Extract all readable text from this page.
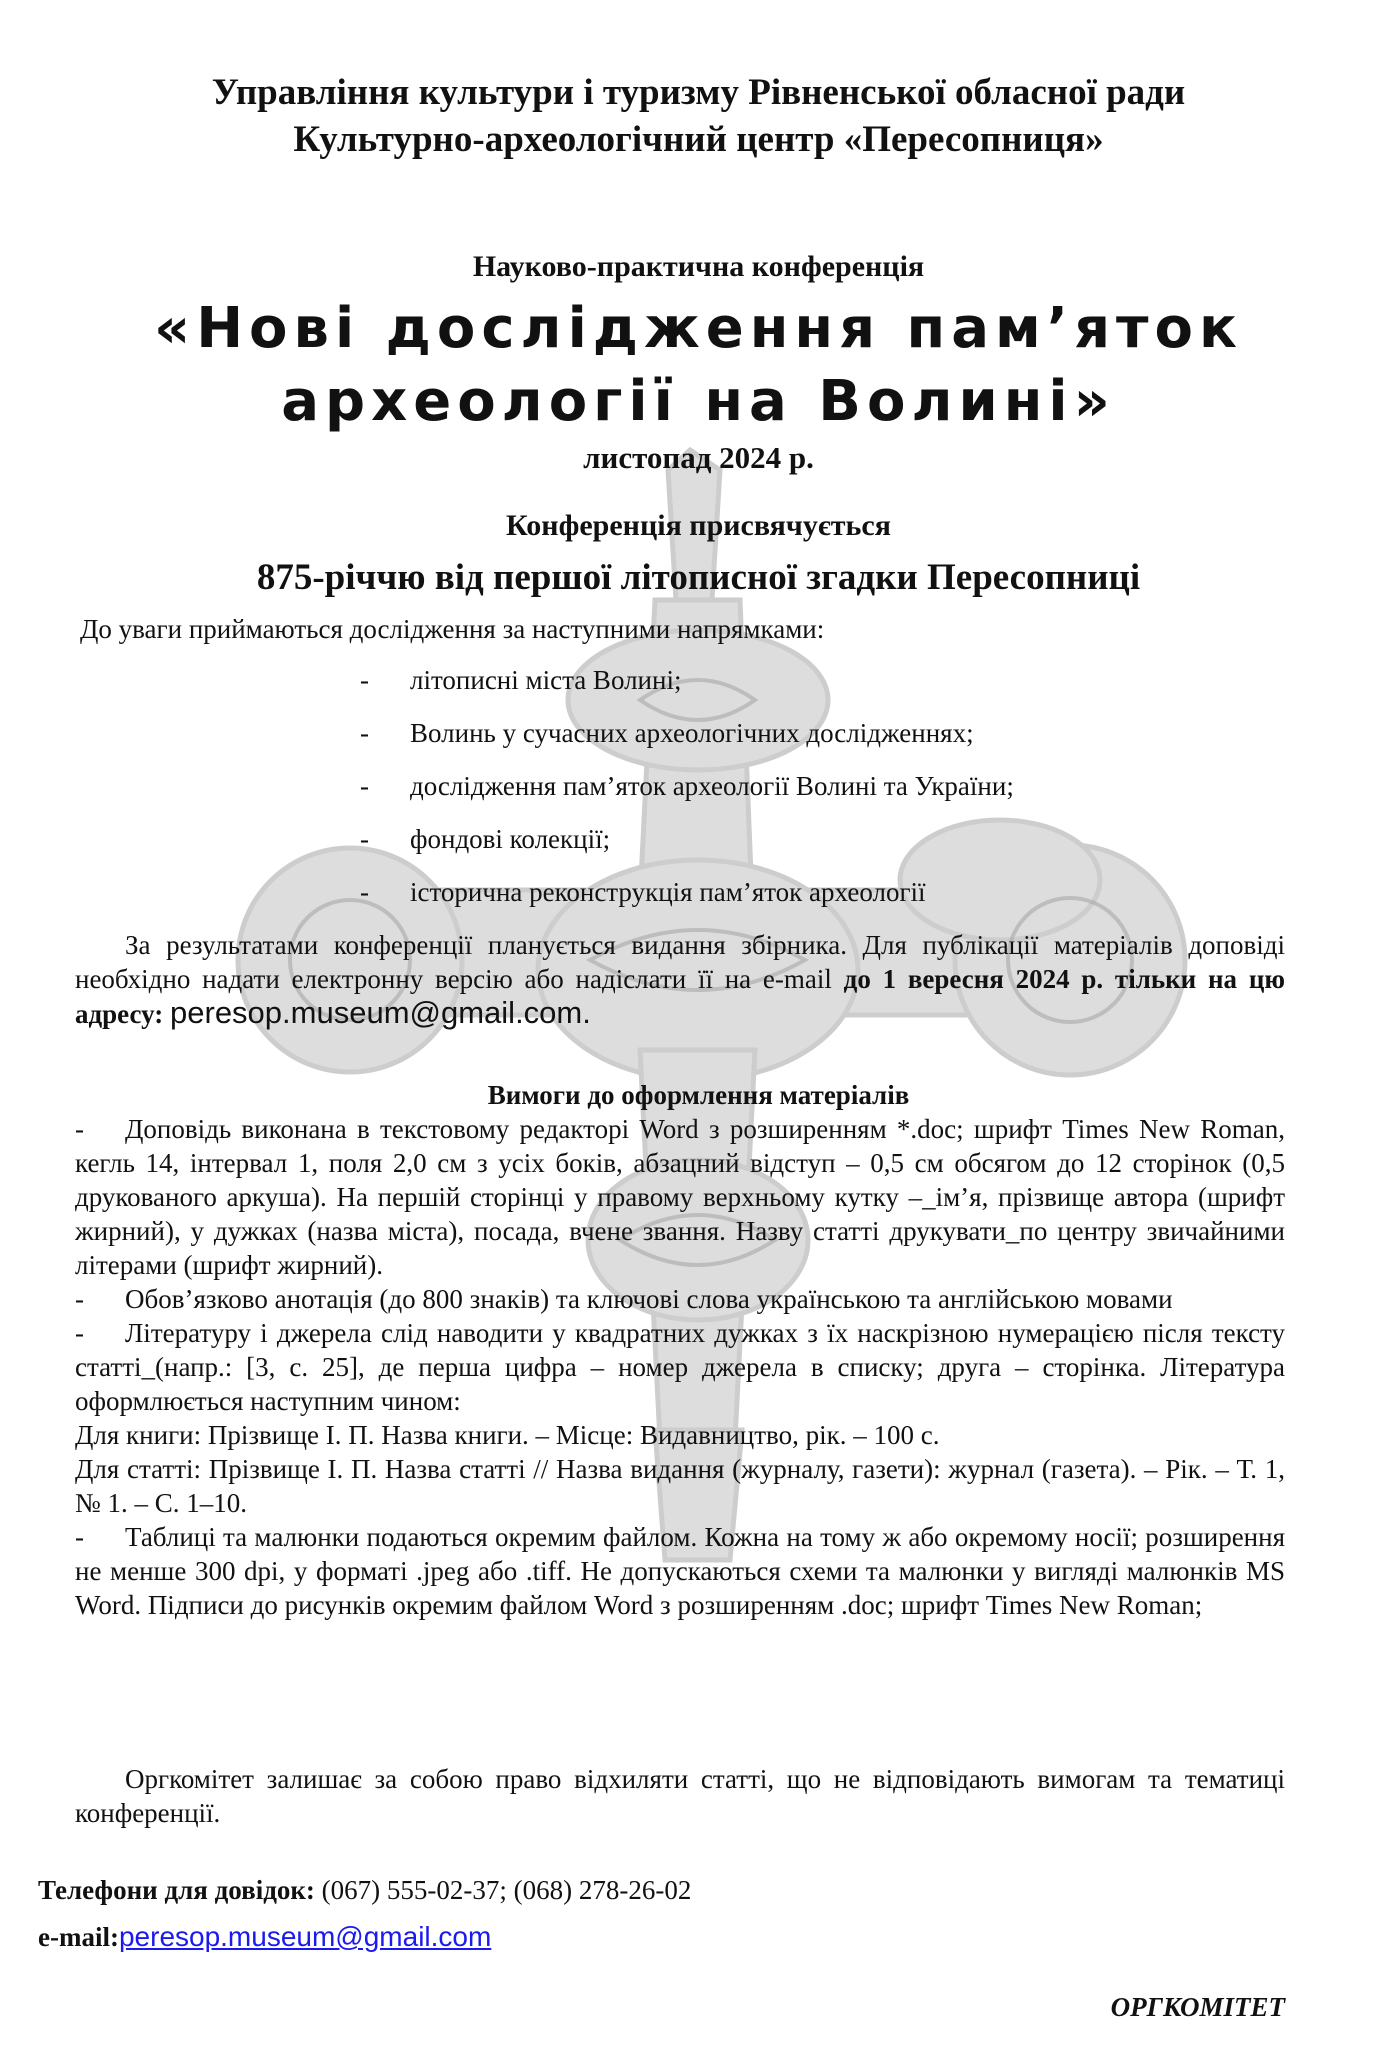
Управління культури і туризму Рівненської обласної ради

Культурно-археологічний центр «Пересопниця»

Науково-практична конференція

«Нові дослідження пам’яток
археології на Волині»

листопад 2024 р.

Конференція присвячується

875-річчю від першої літописної згадки Пересопниці

До уваги приймаються дослідження за наступними напрямками:

- літописні міста Волині;
- Волинь у сучасних археологічних дослідженнях;
- дослідження пам’яток археології Волині та України;
- фондові колекції;
- історична реконструкція пам’яток археології

За результатами конференції планується видання збірника. Для публікації матеріалів доповіді необхідно надати електронну версію або надіслати її на e-mail до 1 вересня 2024 р. тільки на цю адресу: peresop.museum@gmail.com.

Вимоги до оформлення матеріалів

- Доповідь виконана в текстовому редакторі Word з розширенням *.doc; шрифт Times New Roman, кегль 14, інтервал 1, поля 2,0 см з усіх боків, абзацний відступ – 0,5 см обсягом до 12 сторінок (0,5 друкованого аркуша). На першій сторінці у правому верхньому кутку –_ім’я, прізвище автора (шрифт жирний), у дужках (назва міста), посада, вчене звання. Назву статті друкувати_по центру звичайними літерами (шрифт жирний).

- Обов’язково анотація (до 800 знаків) та ключові слова українською та англійською мовами

- Літературу і джерела слід наводити у квадратних дужках з їх наскрізною нумерацією після тексту статті_(напр.: [3, с. 25], де перша цифра – номер джерела в списку; друга – сторінка. Література оформлюється наступним чином:

Для книги: Прізвище І. П. Назва книги. – Місце: Видавництво, рік. – 100 с.

Для статті: Прізвище І. П. Назва статті // Назва видання (журналу, газети): журнал (газета). – Рік. – Т. 1, № 1. – С. 1–10.

- Таблиці та малюнки подаються окремим файлом. Кожна на тому ж або окремому носії; розширення не менше 300 dpi, у форматі .jpeg або .tiff. Не допускаються схеми та малюнки у вигляді малюнків MS Word. Підписи до рисунків окремим файлом Word з розширенням .doc; шрифт Times New Roman;

Оргкомітет залишає за собою право відхиляти статті, що не відповідають вимогам та тематиці конференції.

Телефони для довідок: (067) 555-02-37; (068) 278-26-02

e-mail:peresop.museum@gmail.com

ОРГКОМІТЕТ
